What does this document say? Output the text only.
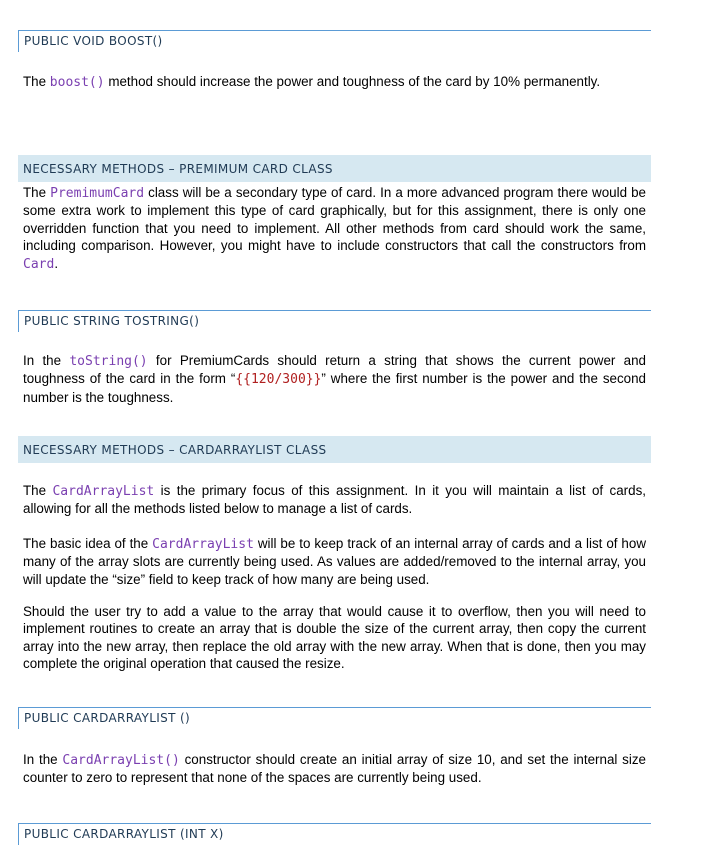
PUBLIC VOID BOOST()

The boost() method should increase the power and toughness of the card by 10% permanently.

NECESSARY METHODS – PREMIMUM CARD CLASS

The PremimumCard class will be a secondary type of card. In a more advanced program there would be some extra work to implement this type of card graphically, but for this assignment, there is only one overridden function that you need to implement. All other methods from card should work the same, including comparison. However, you might have to include constructors that call the constructors from Card.

PUBLIC STRING TOSTRING()

In the toString() for PremiumCards should return a string that shows the current power and toughness of the card in the form “{{120/300}}” where the first number is the power and the second number is the toughness.

NECESSARY METHODS – CARDARRAYLIST CLASS

The CardArrayList is the primary focus of this assignment. In it you will maintain a list of cards, allowing for all the methods listed below to manage a list of cards.

The basic idea of the CardArrayList will be to keep track of an internal array of cards and a list of how many of the array slots are currently being used. As values are added/removed to the internal array, you will update the “size” field to keep track of how many are being used.

Should the user try to add a value to the array that would cause it to overflow, then you will need to implement routines to create an array that is double the size of the current array, then copy the current array into the new array, then replace the old array with the new array. When that is done, then you may complete the original operation that caused the resize.

PUBLIC CARDARRAYLIST ()

In the CardArrayList() constructor should create an initial array of size 10, and set the internal size counter to zero to represent that none of the spaces are currently being used.

PUBLIC CARDARRAYLIST (INT X)
